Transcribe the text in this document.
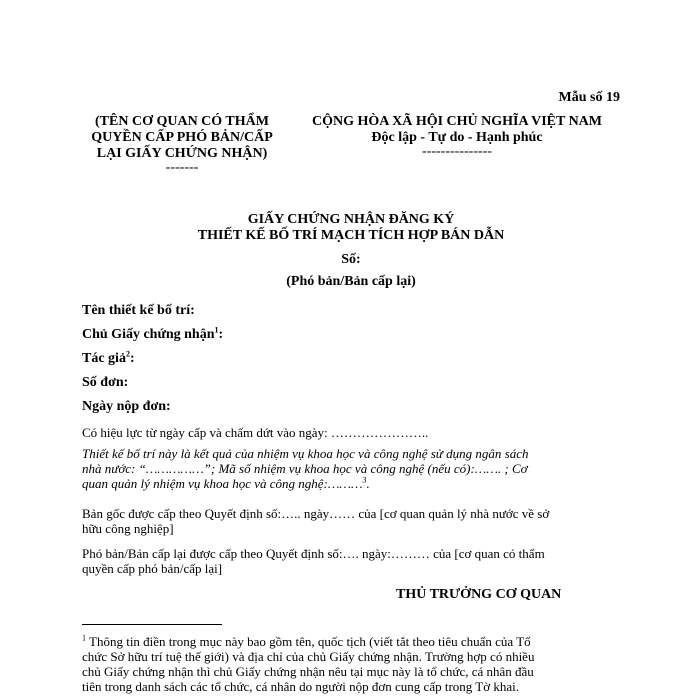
Mẫu số 19
(TÊN CƠ QUAN CÓ THẨM
QUYỀN CẤP PHÓ BẢN/CẤP
LẠI GIẤY CHỨNG NHẬN)
-------
CỘNG HÒA XÃ HỘI CHỦ NGHĨA VIỆT NAM
Độc lập - Tự do - Hạnh phúc
---------------
GIẤY CHỨNG NHẬN ĐĂNG KÝ
THIẾT KẾ BỐ TRÍ MẠCH TÍCH HỢP BÁN DẪN
Số:
(Phó bản/Bản cấp lại)
Tên thiết kế bố trí:
Chủ Giấy chứng nhận$^1$:
Tác giả$^2$:
Số đơn:
Ngày nộp đơn:
Có hiệu lực từ ngày cấp và chấm dứt vào ngày: …………………..
Thiết kế bố trí này là kết quả của nhiệm vụ khoa học và công nghệ sử dụng ngân sách
nhà nước: “……………”; Mã số nhiệm vụ khoa học và công nghệ (nếu có):……. ; Cơ
quan quản lý nhiệm vụ khoa học và công nghệ:………$^3$.
Bản gốc được cấp theo Quyết định số:….. ngày…… của [cơ quan quản lý nhà nước về sở
hữu công nghiệp]
Phó bản/Bản cấp lại được cấp theo Quyết định số:…. ngày:……… của [cơ quan có thẩm
quyền cấp phó bản/cấp lại]
THỦ TRƯỞNG CƠ QUAN
$^1$ Thông tin điền trong mục này bao gồm tên, quốc tịch (viết tắt theo tiêu chuẩn của Tổ
chức Sở hữu trí tuệ thế giới) và địa chỉ của chủ Giấy chứng nhận. Trường hợp có nhiều
chủ Giấy chứng nhận thì chủ Giấy chứng nhận nêu tại mục này là tổ chức, cá nhân đầu
tiên trong danh sách các tổ chức, cá nhân do người nộp đơn cung cấp trong Tờ khai.
